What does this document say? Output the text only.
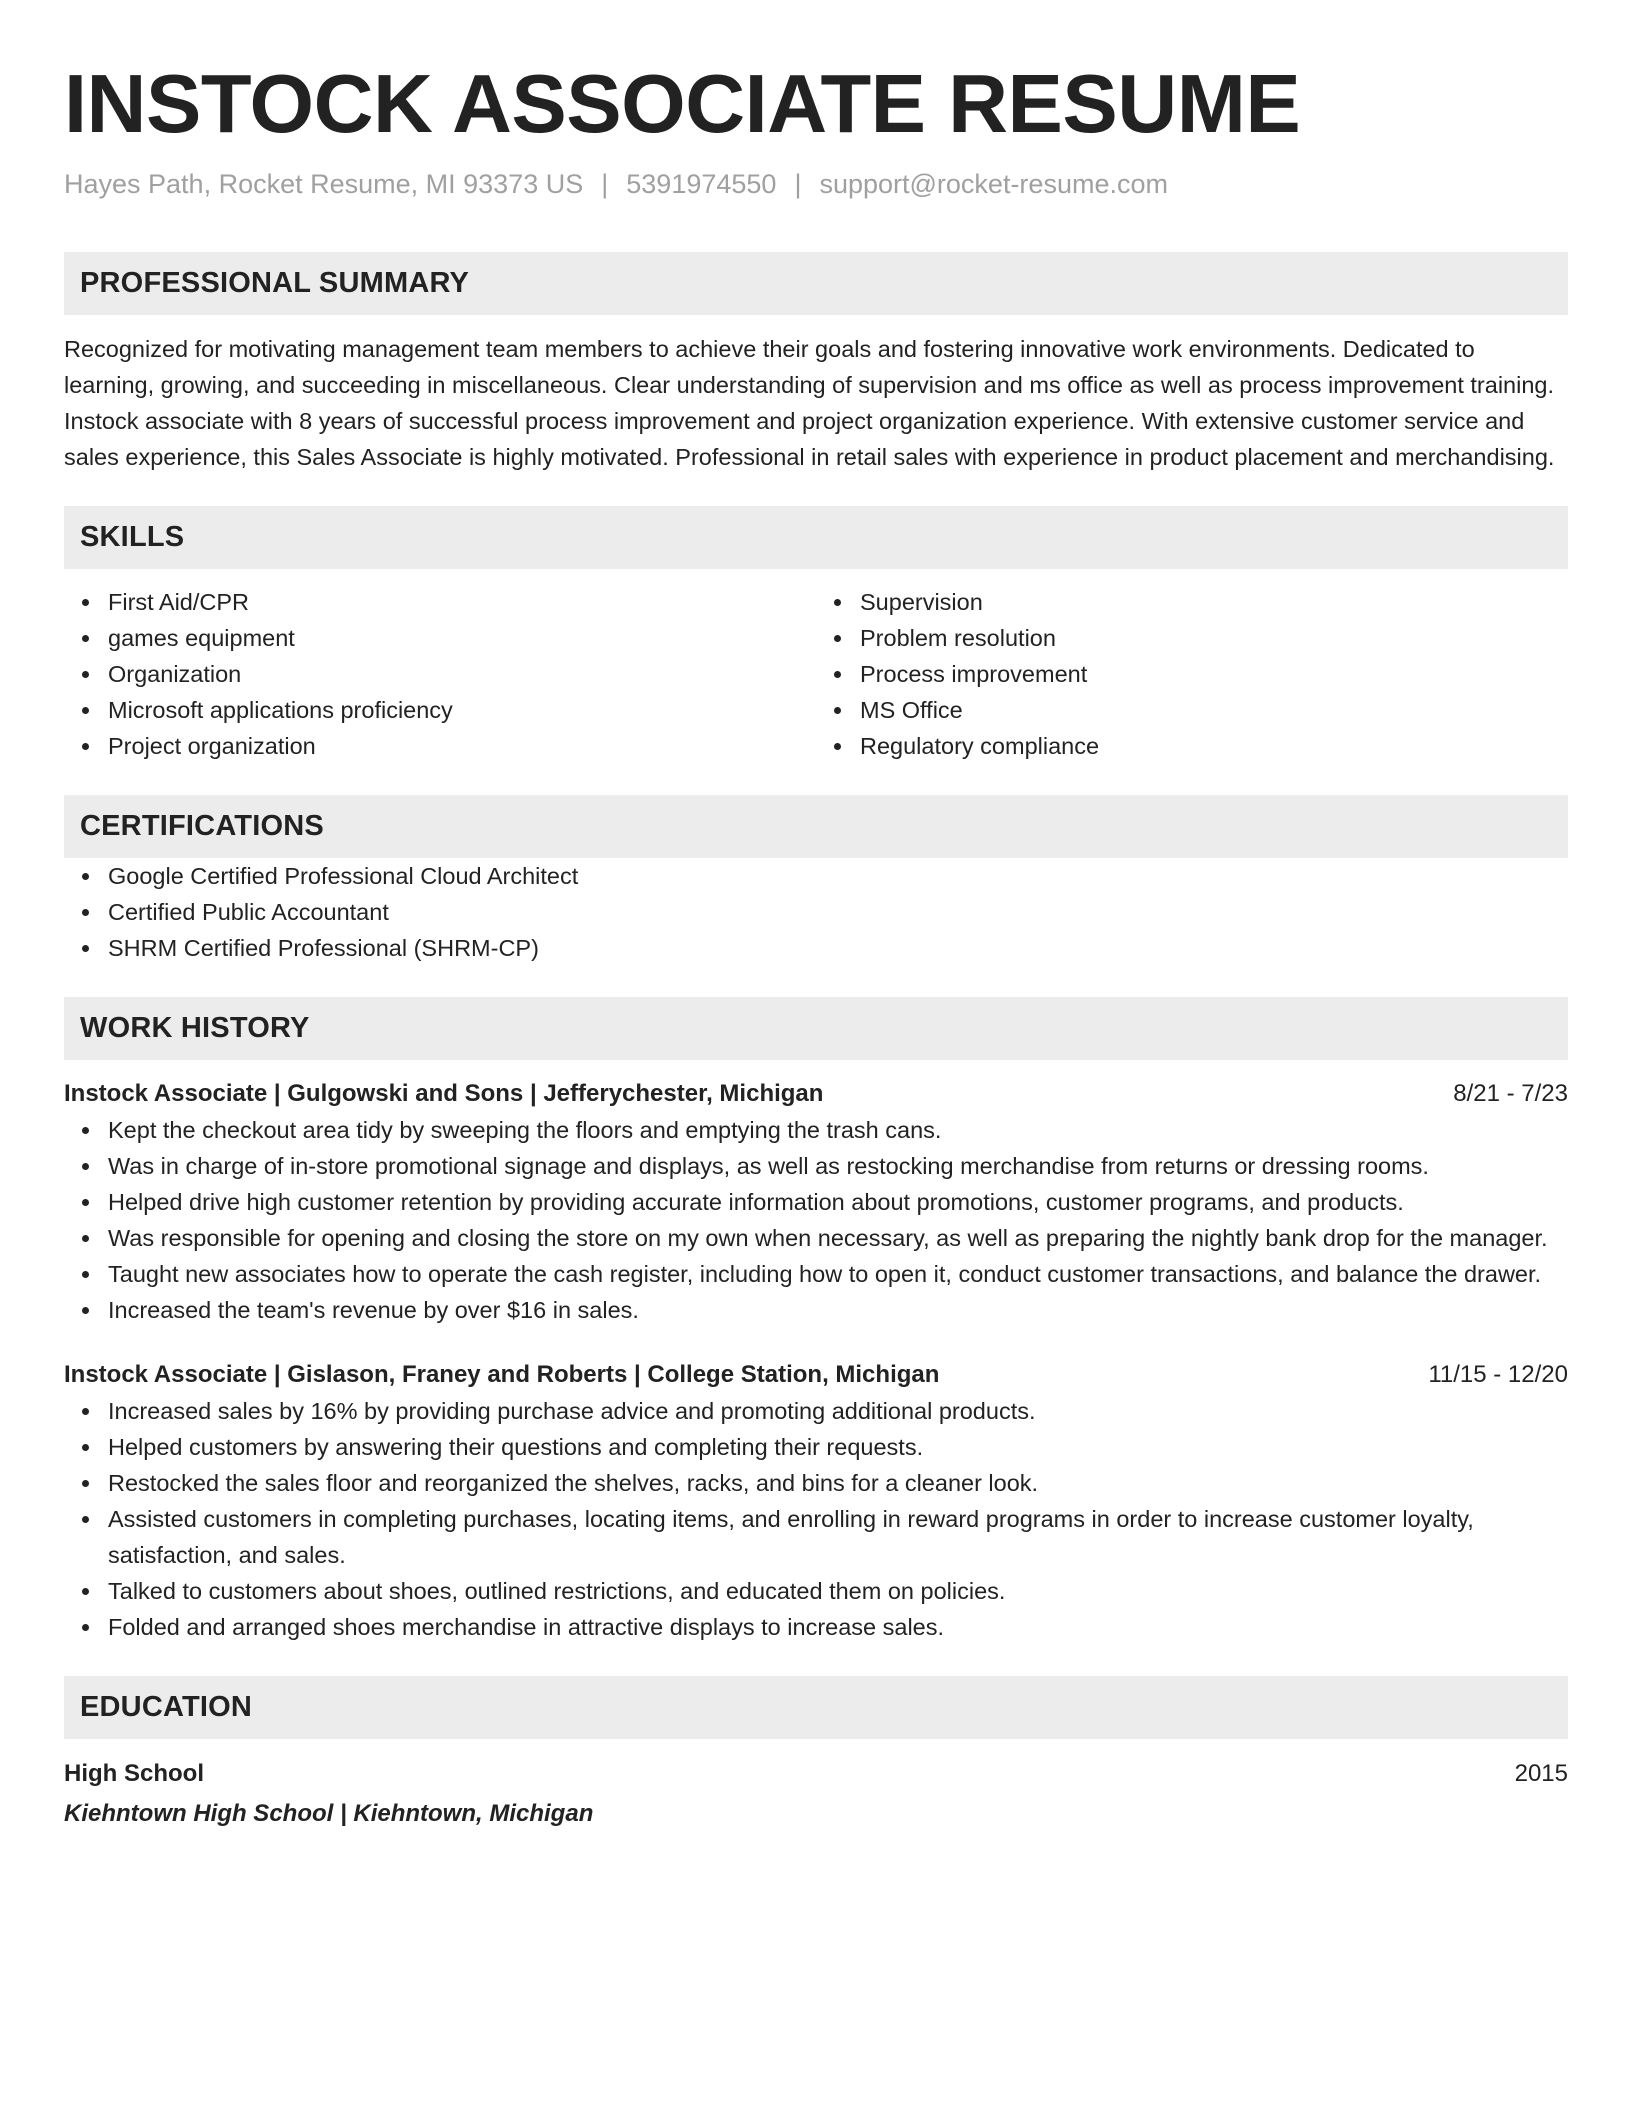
INSTOCK ASSOCIATE RESUME
Hayes Path, Rocket Resume, MI 93373 US | 5391974550 | support@rocket-resume.com
PROFESSIONAL SUMMARY

Recognized for motivating management team members to achieve their goals and fostering innovative work environments. Dedicated to learning, growing, and succeeding in miscellaneous. Clear understanding of supervision and ms office as well as process improvement training. Instock associate with 8 years of successful process improvement and project organization experience. With extensive customer service and sales experience, this Sales Associate is highly motivated. Professional in retail sales with experience in product placement and merchandising.

SKILLS
First Aid/CPR
games equipment
Organization
Microsoft applications proficiency
Project organization
Supervision
Problem resolution
Process improvement
MS Office
Regulatory compliance
CERTIFICATIONS
Google Certified Professional Cloud Architect
Certified Public Accountant
SHRM Certified Professional (SHRM-CP)
WORK HISTORY
Instock Associate | Gulgowski and Sons | Jefferychester, Michigan	8/21 - 7/23
Kept the checkout area tidy by sweeping the floors and emptying the trash cans.
Was in charge of in-store promotional signage and displays, as well as restocking merchandise from returns or dressing rooms.
Helped drive high customer retention by providing accurate information about promotions, customer programs, and products.
Was responsible for opening and closing the store on my own when necessary, as well as preparing the nightly bank drop for the manager.
Taught new associates how to operate the cash register, including how to open it, conduct customer transactions, and balance the drawer.
Increased the team's revenue by over $16 in sales.
Instock Associate | Gislason, Franey and Roberts | College Station, Michigan	11/15 - 12/20
Increased sales by 16% by providing purchase advice and promoting additional products.
Helped customers by answering their questions and completing their requests.
Restocked the sales floor and reorganized the shelves, racks, and bins for a cleaner look.
Assisted customers in completing purchases, locating items, and enrolling in reward programs in order to increase customer loyalty, satisfaction, and sales.
Talked to customers about shoes, outlined restrictions, and educated them on policies.
Folded and arranged shoes merchandise in attractive displays to increase sales.
EDUCATION
High School	2015
Kiehntown High School | Kiehntown, Michigan
